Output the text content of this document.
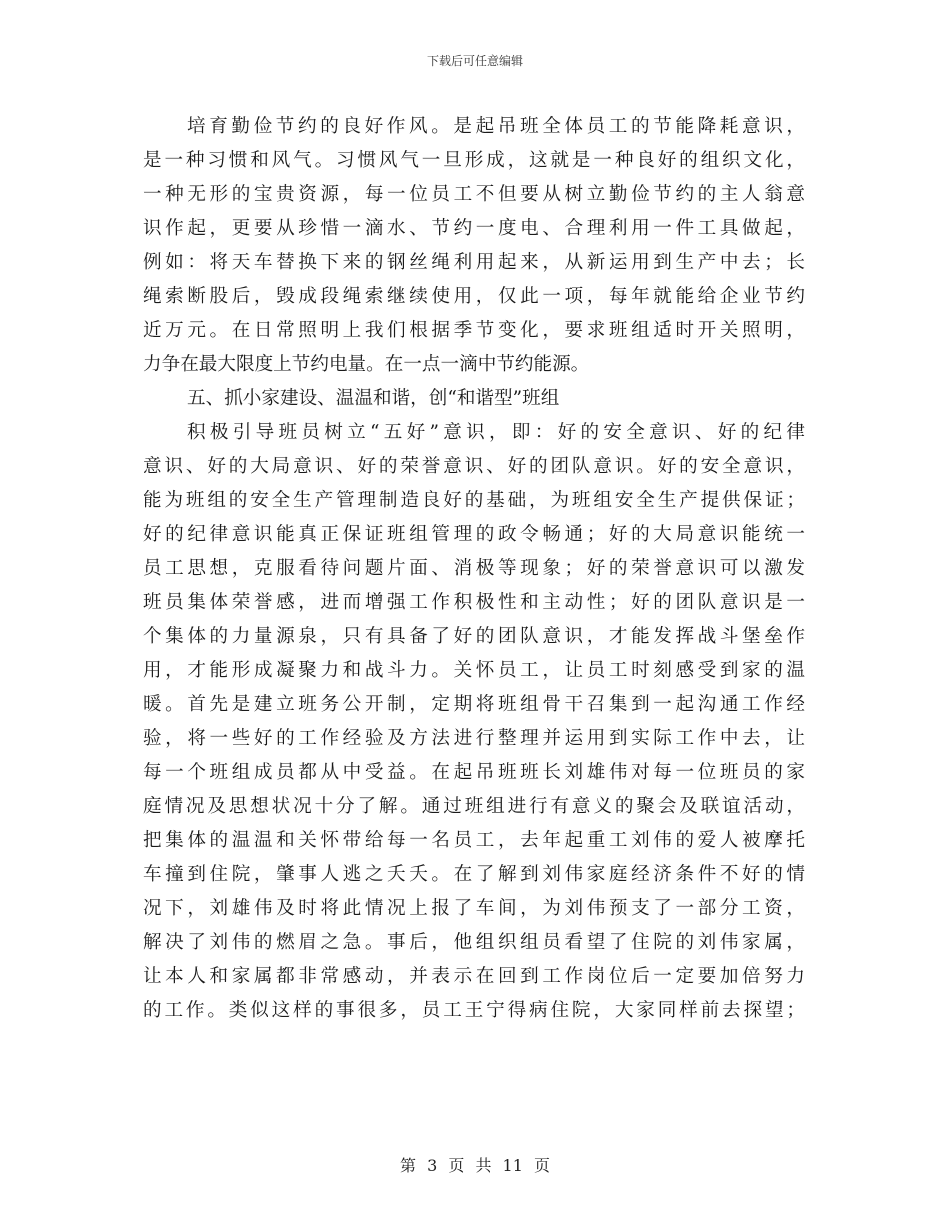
下载后可任意编辑
培育勤俭节约的良好作风。是起吊班全体员工的节能降耗意识，
是一种习惯和风气。习惯风气一旦形成，这就是一种良好的组织文化，
一种无形的宝贵资源，每一位员工不但要从树立勤俭节约的主人翁意
识作起，更要从珍惜一滴水、节约一度电、合理利用一件工具做起，
例如：将天车替换下来的钢丝绳利用起来，从新运用到生产中去；长
绳索断股后，毁成段绳索继续使用，仅此一项，每年就能给企业节约
近万元。在日常照明上我们根据季节变化，要求班组适时开关照明，
力争在最大限度上节约电量。在一点一滴中节约能源。
五、抓小家建设、温温和谐，创“和谐型”班组
积极引导班员树立“五好”意识，即：好的安全意识、好的纪律
意识、好的大局意识、好的荣誉意识、好的团队意识。好的安全意识，
能为班组的安全生产管理制造良好的基础，为班组安全生产提供保证；
好的纪律意识能真正保证班组管理的政令畅通；好的大局意识能统一
员工思想，克服看待问题片面、消极等现象；好的荣誉意识可以激发
班员集体荣誉感，进而增强工作积极性和主动性；好的团队意识是一
个集体的力量源泉，只有具备了好的团队意识，才能发挥战斗堡垒作
用，才能形成凝聚力和战斗力。关怀员工，让员工时刻感受到家的温
暖。首先是建立班务公开制，定期将班组骨干召集到一起沟通工作经
验，将一些好的工作经验及方法进行整理并运用到实际工作中去，让
每一个班组成员都从中受益。在起吊班班长刘雄伟对每一位班员的家
庭情况及思想状况十分了解。通过班组进行有意义的聚会及联谊活动，
把集体的温温和关怀带给每一名员工，去年起重工刘伟的爱人被摩托
车撞到住院，肇事人逃之夭夭。在了解到刘伟家庭经济条件不好的情
况下，刘雄伟及时将此情况上报了车间，为刘伟预支了一部分工资，
解决了刘伟的燃眉之急。事后，他组织组员看望了住院的刘伟家属，
让本人和家属都非常感动，并表示在回到工作岗位后一定要加倍努力
的工作。类似这样的事很多，员工王宁得病住院，大家同样前去探望；
第 3 页 共 11 页
